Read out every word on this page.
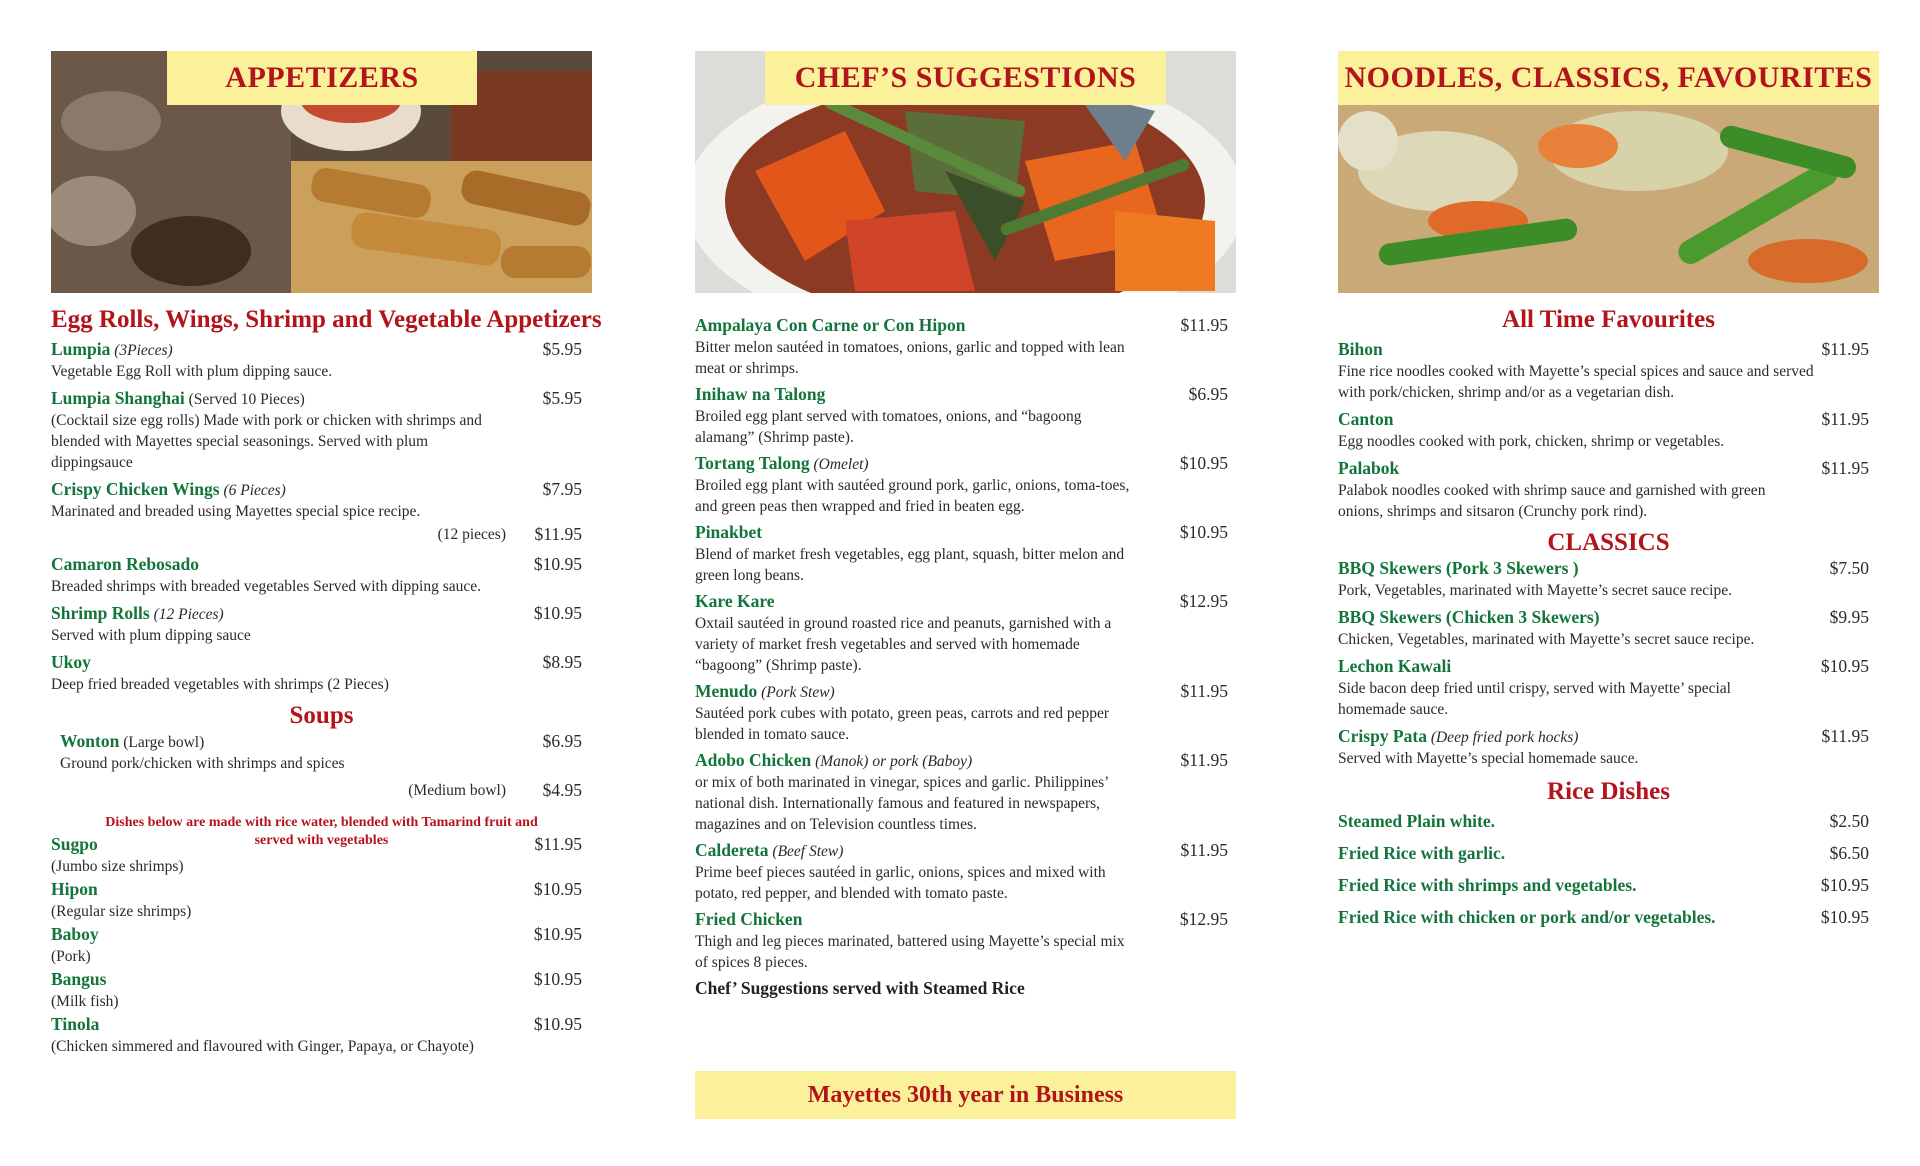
APPETIZERS
Egg Rolls, Wings, Shrimp and Vegetable Appetizers
Lumpia (3Pieces)	$5.95
Vegetable Egg Roll with plum dipping sauce.
Lumpia Shanghai (Served 10 Pieces)	$5.95
(Cocktail size egg rolls) Made with pork or chicken with shrimps and blended with Mayettes special seasonings. Served with plum dippingsauce
Crispy Chicken Wings (6 Pieces)	$7.95
Marinated and breaded using Mayettes special spice recipe.
(12 pieces) $11.95
Camaron Rebosado	$10.95
Breaded shrimps with breaded vegetables Served with dipping sauce.
Shrimp Rolls (12 Pieces)	$10.95
Served with plum dipping sauce
Ukoy	$8.95
Deep fried breaded vegetables with shrimps (2 Pieces)
Soups
Wonton (Large bowl)	$6.95
Ground pork/chicken with shrimps and spices
(Medium bowl) $4.95
Dishes below are made with rice water, blended with Tamarind fruit and served with vegetables
Sugpo	$11.95
(Jumbo size shrimps)
Hipon	$10.95
(Regular size shrimps)
Baboy	$10.95
(Pork)
Bangus	$10.95
(Milk fish)
Tinola	$10.95
(Chicken simmered and flavoured with Ginger, Papaya, or Chayote)
CHEF’S SUGGESTIONS
Ampalaya Con Carne or Con Hipon	$11.95
Bitter melon sautéed in tomatoes, onions, garlic and topped with lean meat or shrimps.
Inihaw na Talong	$6.95
Broiled egg plant served with tomatoes, onions, and “bagoong alamang” (Shrimp paste).
Tortang Talong (Omelet)	$10.95
Broiled egg plant with sautéed ground pork, garlic, onions, toma-toes, and green peas then wrapped and fried in beaten egg.
Pinakbet	$10.95
Blend of market fresh vegetables, egg plant, squash, bitter melon and green long beans.
Kare Kare	$12.95
Oxtail sautéed in ground roasted rice and peanuts, garnished with a variety of market fresh vegetables and served with homemade “bagoong” (Shrimp paste).
Menudo (Pork Stew)	$11.95
Sautéed pork cubes with potato, green peas, carrots and red pepper blended in tomato sauce.
Adobo Chicken (Manok) or pork (Baboy)	$11.95
or mix of both marinated in vinegar, spices and garlic. Philippines’ national dish. Internationally famous and featured in newspapers, magazines and on Television countless times.
Caldereta (Beef Stew)	$11.95
Prime beef pieces sautéed in garlic, onions, spices and mixed with potato, red pepper, and blended with tomato paste.
Fried Chicken	$12.95
Thigh and leg pieces marinated, battered using Mayette’s special mix of spices 8 pieces.
Chef’ Suggestions served with Steamed Rice
Mayettes 30th year in Business
NOODLES, CLASSICS, FAVOURITES
All Time Favourites
Bihon	$11.95
Fine rice noodles cooked with Mayette’s special spices and sauce and served with pork/chicken, shrimp and/or as a vegetarian dish.
Canton	$11.95
Egg noodles cooked with pork, chicken, shrimp or vegetables.
Palabok	$11.95
Palabok noodles cooked with shrimp sauce and garnished with green onions, shrimps and sitsaron (Crunchy pork rind).
CLASSICS
BBQ Skewers (Pork 3 Skewers )	$7.50
Pork, Vegetables, marinated with Mayette’s secret sauce recipe.
BBQ Skewers (Chicken 3 Skewers)	$9.95
Chicken, Vegetables, marinated with Mayette’s secret sauce recipe.
Lechon Kawali	$10.95
Side bacon deep fried until crispy, served with Mayette’ special homemade sauce.
Crispy Pata (Deep fried pork hocks)	$11.95
Served with Mayette’s special homemade sauce.
Rice Dishes
Steamed Plain white.	$2.50
Fried Rice with garlic.	$6.50
Fried Rice with shrimps and vegetables.	$10.95
Fried Rice with chicken or pork and/or vegetables.	$10.95
